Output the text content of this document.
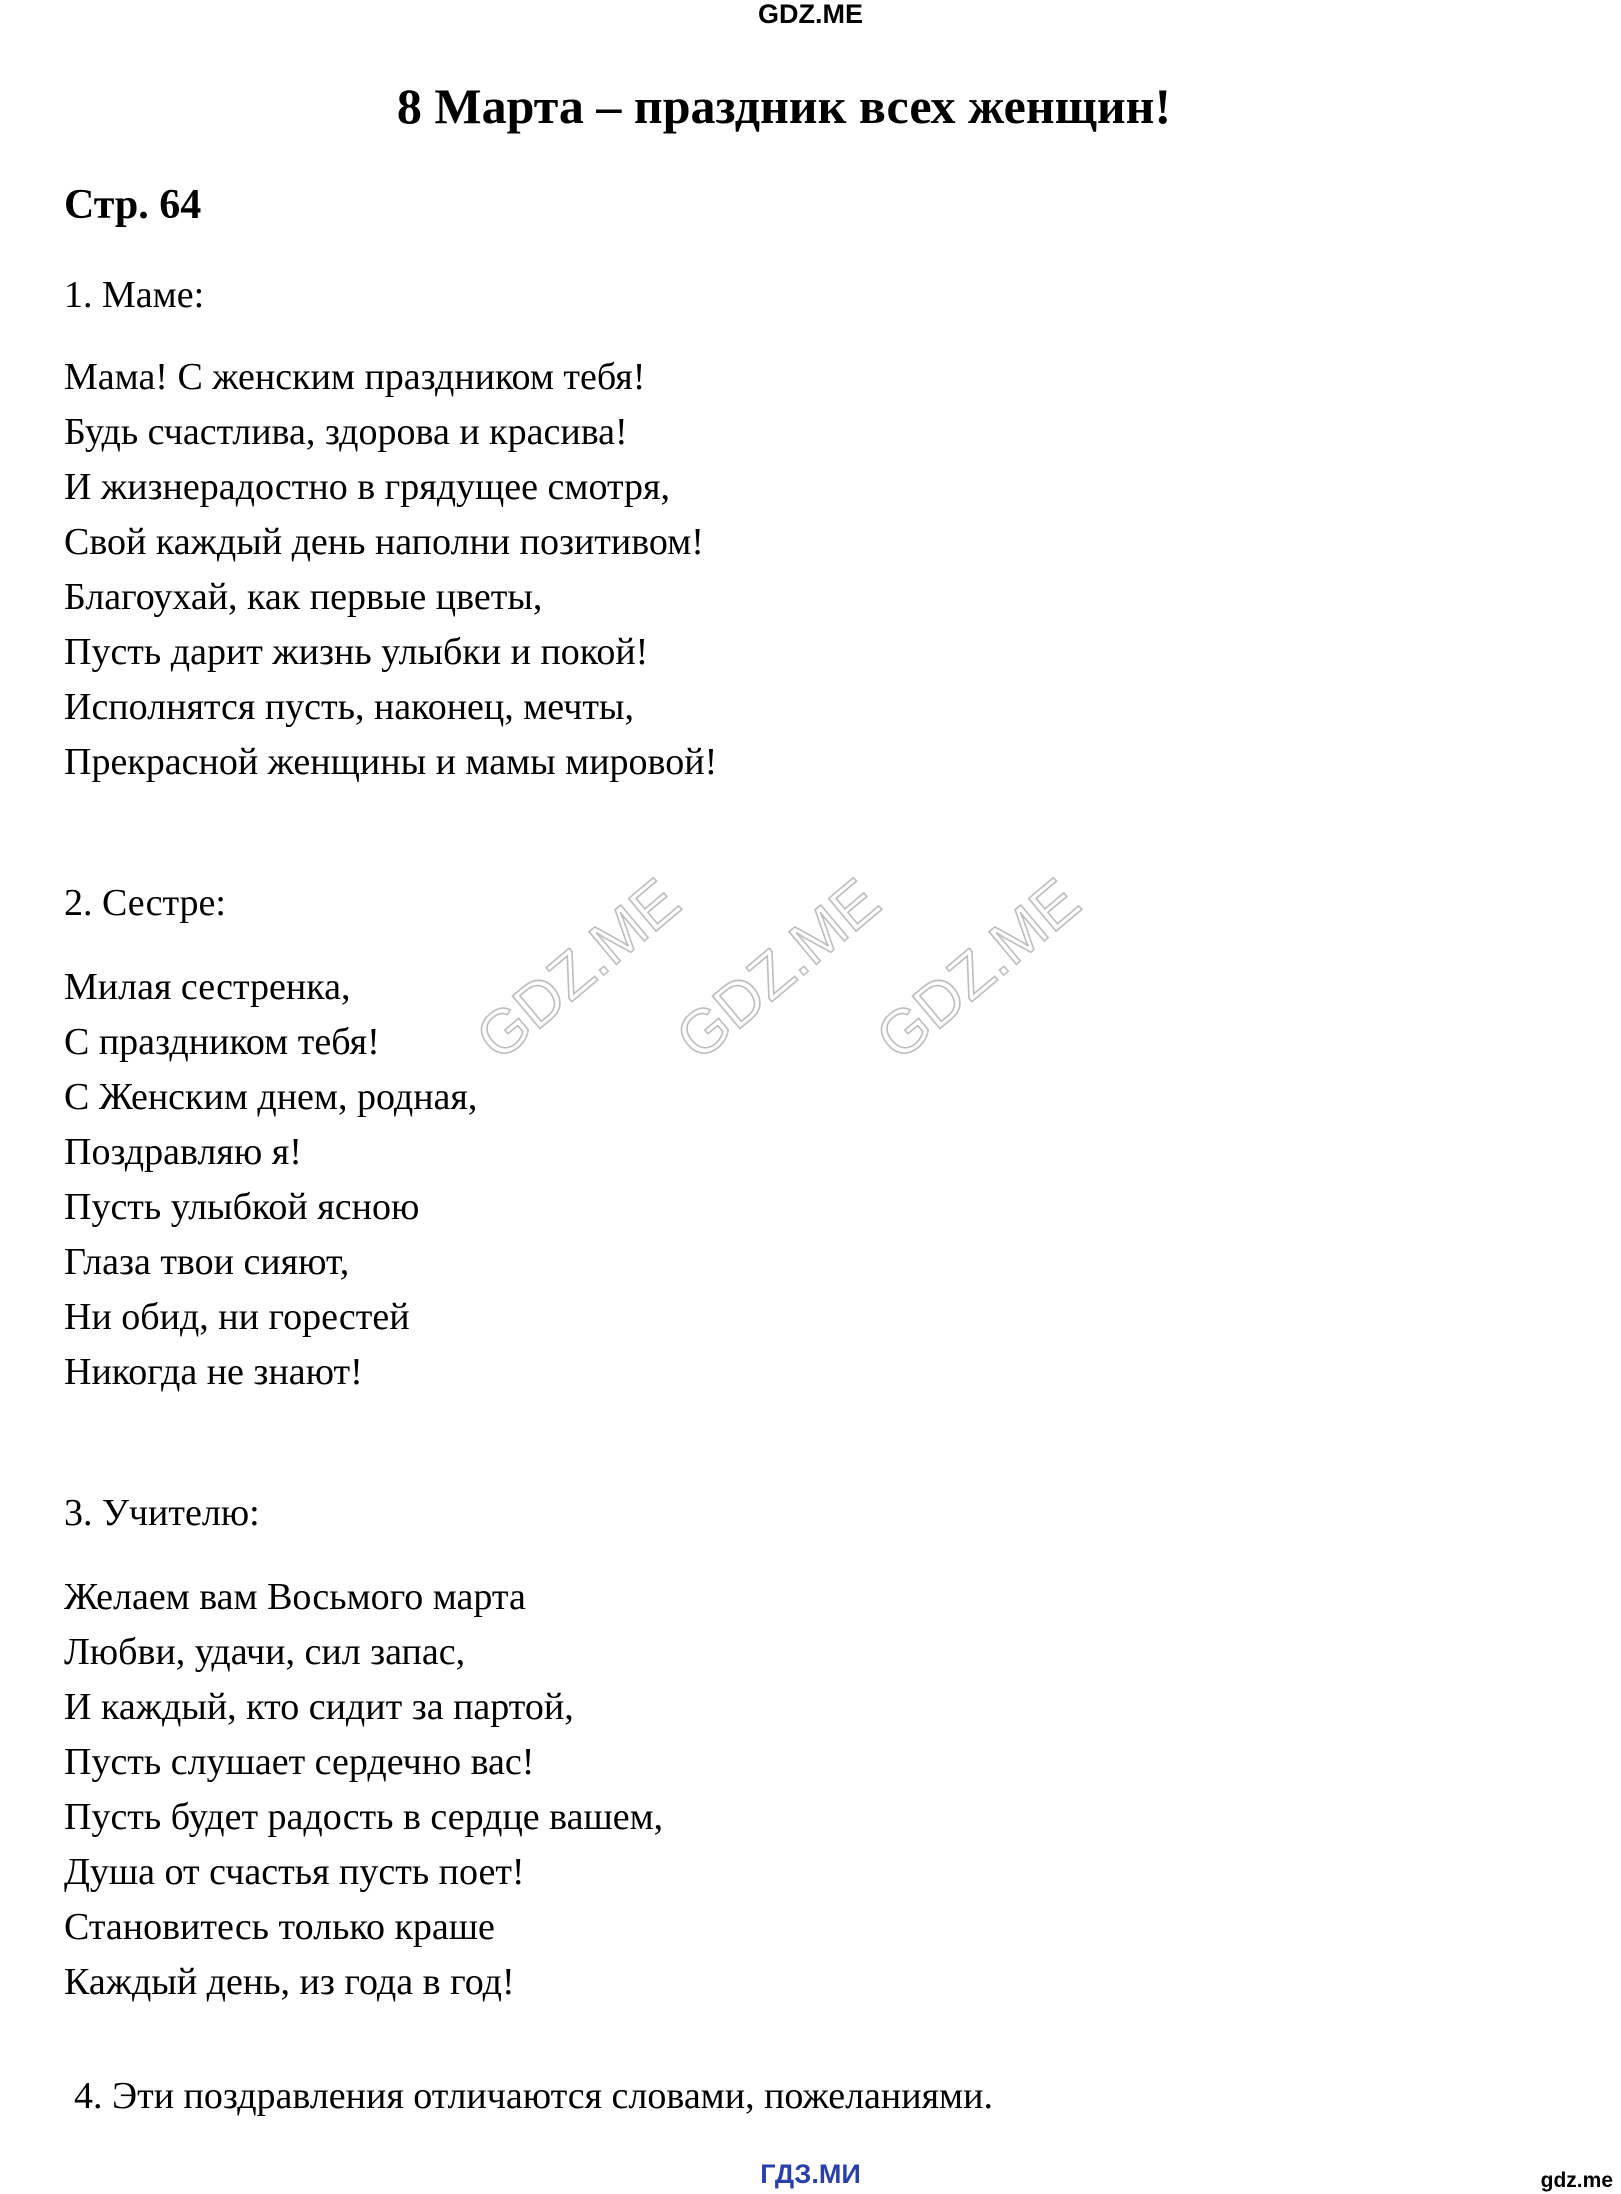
GDZ.ME
8 Марта – праздник всех женщин!
Стр. 64
1. Маме:
Мама! С женским праздником тебя!
Будь счастлива, здорова и красива!
И жизнерадостно в грядущее смотря,
Свой каждый день наполни позитивом!
Благоухай, как первые цветы,
Пусть дарит жизнь улыбки и покой!
Исполнятся пусть, наконец, мечты,
Прекрасной женщины и мамы мировой!
2. Сестре:
Милая сестренка,
С праздником тебя!
С Женским днем, родная,
Поздравляю я!
Пусть улыбкой ясною
Глаза твои сияют,
Ни обид, ни горестей
Никогда не знают!
3. Учителю:
Желаем вам Восьмого марта
Любви, удачи, сил запас,
И каждый, кто сидит за партой,
Пусть слушает сердечно вас!
Пусть будет радость в сердце вашем,
Душа от счастья пусть поет!
Становитесь только краше
Каждый день, из года в год!
4. Эти поздравления отличаются словами, пожеланиями.
GDZ.ME
GDZ.ME
GDZ.ME
ГДЗ.МИ	gdz.me
